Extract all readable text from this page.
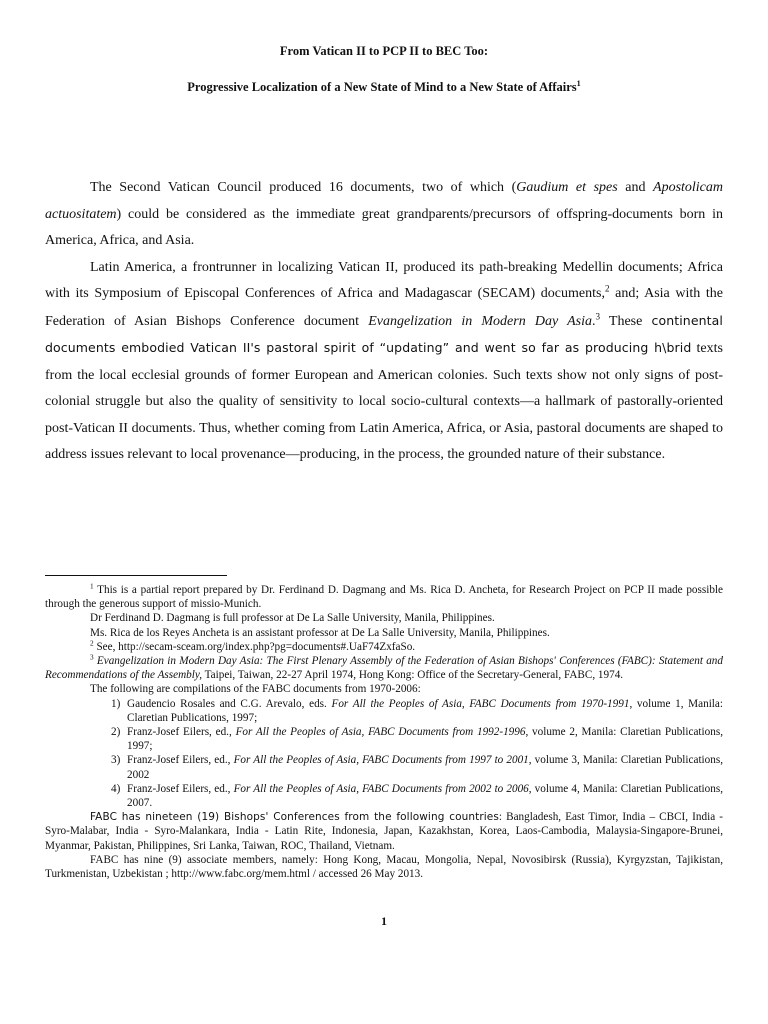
From Vatican II to PCP II to BEC Too:
Progressive Localization of a New State of Mind to a New State of Affairs$^1$

The Second Vatican Council produced 16 documents, two of which (Gaudium et spes and Apostolicam actuositatem) could be considered as the immediate great grandparents/precursors of offspring-documents born in America, Africa, and Asia.

Latin America, a frontrunner in localizing Vatican II, produced its path-breaking Medellin documents; Africa with its Symposium of Episcopal Conferences of Africa and Madagascar (SECAM) documents,$^2$ and; Asia with the Federation of Asian Bishops Conference document Evangelization in Modern Day Asia.$^3$ These continental documents embodied Vatican II's pastoral spirit of “updating” and went so far as producing h\brid texts from the local ecclesial grounds of former European and American colonies. Such texts show not only signs of post-colonial struggle but also the quality of sensitivity to local socio-cultural contexts—a hallmark of pastorally-oriented post-Vatican II documents. Thus, whether coming from Latin America, Africa, or Asia, pastoral documents are shaped to address issues relevant to local provenance—producing, in the process, the grounded nature of their substance.

$^1$ This is a partial report prepared by Dr. Ferdinand D. Dagmang and Ms. Rica D. Ancheta, for Research Project on PCP II made possible through the generous support of missio-Munich.

Dr Ferdinand D. Dagmang is full professor at De La Salle University, Manila, Philippines.

Ms. Rica de los Reyes Ancheta is an assistant professor at De La Salle University, Manila, Philippines.

$^2$ See, http://secam-sceam.org/index.php?pg=documents#.UaF74ZxfaSo.

$^3$ Evangelization in Modern Day Asia: The First Plenary Assembly of the Federation of Asian Bishops' Conferences (FABC): Statement and Recommendations of the Assembly, Taipei, Taiwan, 22-27 April 1974, Hong Kong: Office of the Secretary-General, FABC, 1974.

The following are compilations of the FABC documents from 1970-2006:

1) Gaudencio Rosales and C.G. Arevalo, eds. For All the Peoples of Asia, FABC Documents from 1970-1991, volume 1, Manila: Claretian Publications, 1997;
2) Franz-Josef Eilers, ed., For All the Peoples of Asia, FABC Documents from 1992-1996, volume 2, Manila: Claretian Publications, 1997;
3) Franz-Josef Eilers, ed., For All the Peoples of Asia, FABC Documents from 1997 to 2001, volume 3, Manila: Claretian Publications, 2002
4) Franz-Josef Eilers, ed., For All the Peoples of Asia, FABC Documents from 2002 to 2006, volume 4, Manila: Claretian Publications, 2007.

FABC has nineteen (19) Bishops' Conferences from the following countries: Bangladesh, East Timor, India – CBCI, India - Syro-Malabar, India - Syro-Malankara, India - Latin Rite, Indonesia, Japan, Kazakhstan, Korea, Laos-Cambodia, Malaysia-Singapore-Brunei, Myanmar, Pakistan, Philippines, Sri Lanka, Taiwan, ROC, Thailand, Vietnam.

FABC has nine (9) associate members, namely: Hong Kong, Macau, Mongolia, Nepal, Novosibirsk (Russia), Kyrgyzstan, Tajikistan, Turkmenistan, Uzbekistan ; http://www.fabc.org/mem.html / accessed 26 May 2013.

1
